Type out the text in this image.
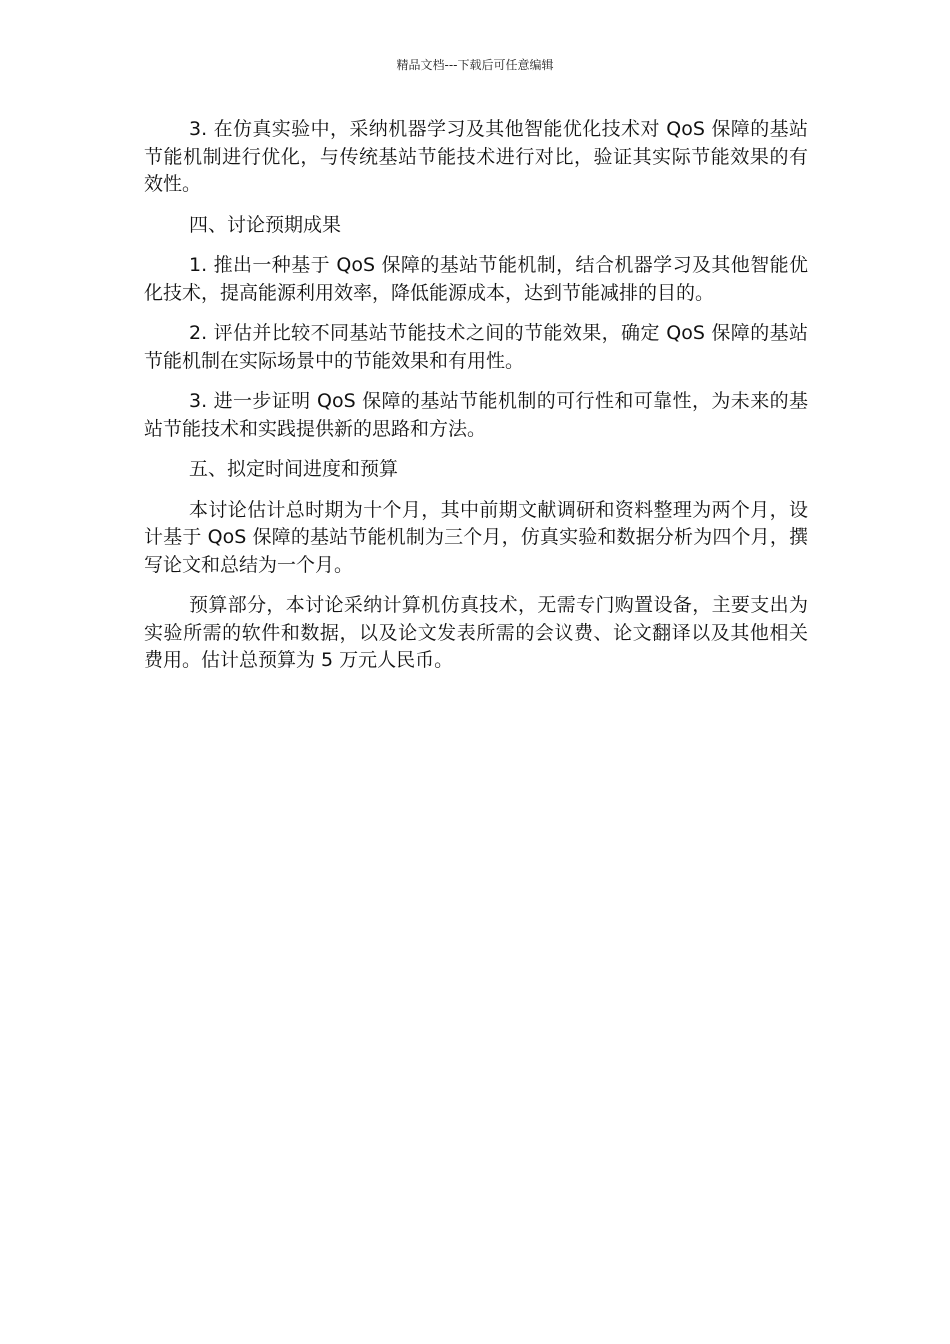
精品文档---下载后可任意编辑

3. 在仿真实验中，采纳机器学习及其他智能优化技术对 QoS 保障的基站节能机制进行优化，与传统基站节能技术进行对比，验证其实际节能效果的有效性。

四、讨论预期成果

1. 推出一种基于 QoS 保障的基站节能机制，结合机器学习及其他智能优化技术，提高能源利用效率，降低能源成本，达到节能减排的目的。

2. 评估并比较不同基站节能技术之间的节能效果，确定 QoS 保障的基站节能机制在实际场景中的节能效果和有用性。

3. 进一步证明 QoS 保障的基站节能机制的可行性和可靠性，为未来的基站节能技术和实践提供新的思路和方法。

五、拟定时间进度和预算

本讨论估计总时期为十个月，其中前期文献调研和资料整理为两个月，设计基于 QoS 保障的基站节能机制为三个月，仿真实验和数据分析为四个月，撰写论文和总结为一个月。

预算部分，本讨论采纳计算机仿真技术，无需专门购置设备，主要支出为实验所需的软件和数据，以及论文发表所需的会议费、论文翻译以及其他相关费用。估计总预算为 5 万元人民币。
